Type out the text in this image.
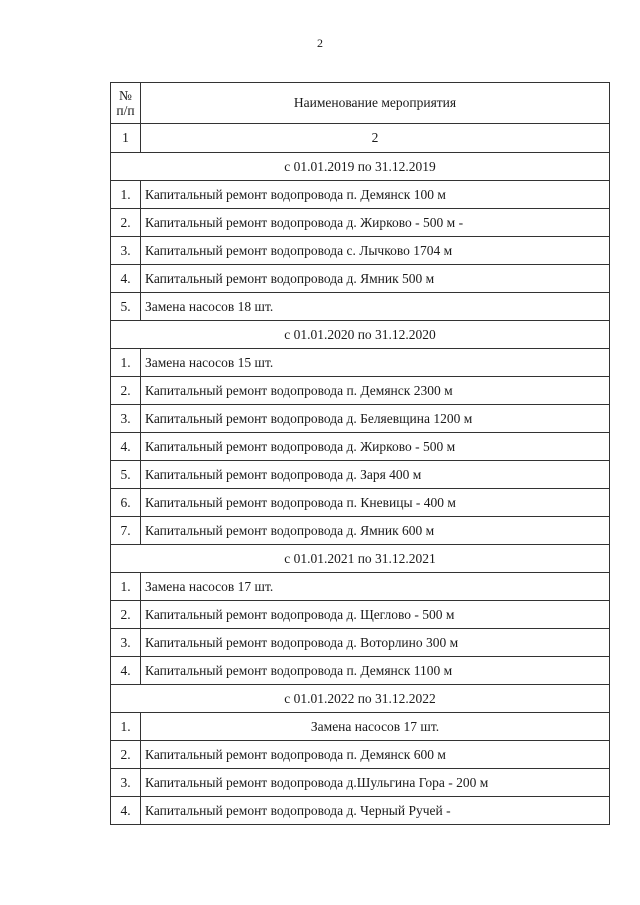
2
№
п/п	Наименование мероприятия
1	2
с 01.01.2019 по 31.12.2019	
1.	Капитальный ремонт водопровода п. Демянск 100 м
2.	Капитальный ремонт водопровода д. Жирково - 500 м -
3.	Капитальный ремонт водопровода с. Лычково 1704 м
4.	Капитальный ремонт водопровода д. Ямник 500 м
5.	Замена насосов 18 шт.
с 01.01.2020 по 31.12.2020	
1.	Замена насосов 15 шт.
2.	Капитальный ремонт водопровода п. Демянск 2300 м
3.	Капитальный ремонт водопровода д. Беляевщина 1200 м
4.	Капитальный ремонт водопровода д. Жирково - 500 м
5.	Капитальный ремонт водопровода д. Заря 400 м
6.	Капитальный ремонт водопровода п. Кневицы - 400 м
7.	Капитальный ремонт водопровода д. Ямник 600 м
с 01.01.2021 по 31.12.2021	
1.	Замена насосов 17 шт.
2.	Капитальный ремонт водопровода д. Щеглово - 500 м
3.	Капитальный ремонт водопровода д. Воторлино 300 м
4.	Капитальный ремонт водопровода п. Демянск 1100 м
с 01.01.2022 по 31.12.2022	
1.	Замена насосов 17 шт.
2.	Капитальный ремонт водопровода п. Демянск 600 м
3.	Капитальный ремонт водопровода д.Шульгина Гора - 200 м
4.	Капитальный ремонт водопровода д. Черный Ручей -
